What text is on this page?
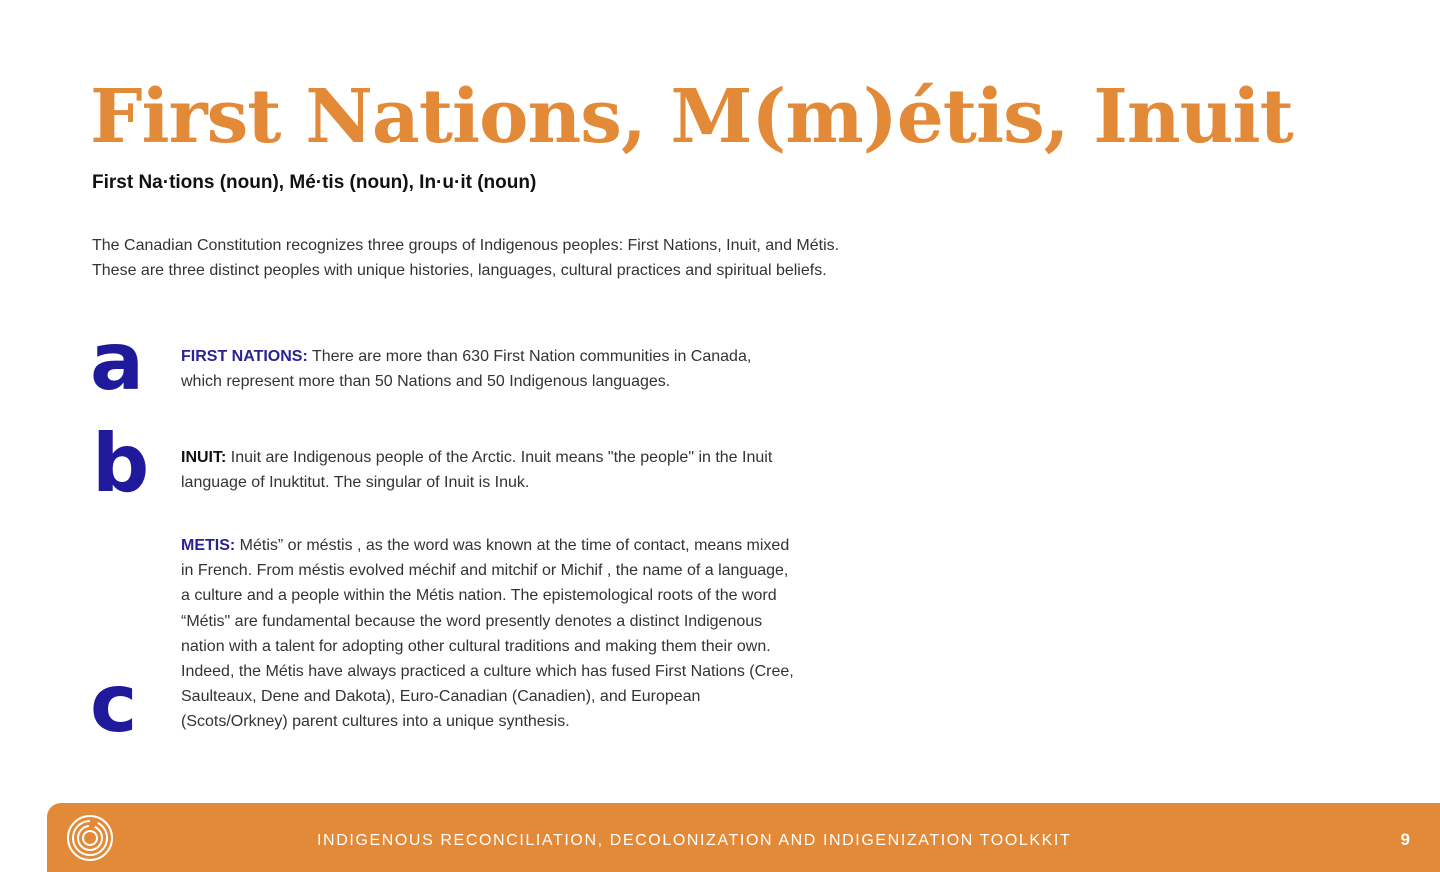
First Nations, M(m)étis, Inuit
First Na·tions (noun), Mé·tis (noun), In·u·it (noun)

The Canadian Constitution recognizes three groups of Indigenous peoples: First Nations, Inuit, and Métis.

These are three distinct peoples with unique histories, languages, cultural practices and spiritual beliefs.

a FIRST NATIONS: There are more than 630 First Nation communities in Canada,
which represent more than 50 Nations and 50 Indigenous languages.
b INUIT: Inuit are Indigenous people of the Arctic. Inuit means "the people" in the Inuit
language of Inuktitut. The singular of Inuit is Inuk.
c
METIS: Métis” or méstis , as the word was known at the time of contact, means mixed
in French. From méstis evolved méchif and mitchif or Michif , the name of a language,
a culture and a people within the Métis nation. The epistemological roots of the word
“Métis" are fundamental because the word presently denotes a distinct Indigenous
nation with a talent for adopting other cultural traditions and making them their own.
Indeed, the Métis have always practiced a culture which has fused First Nations (Cree,
Saulteaux, Dene and Dakota), Euro-Canadian (Canadien), and European
(Scots/Orkney) parent cultures into a unique synthesis.
INDIGENOUS RECONCILIATION, DECOLONIZATION AND INDIGENIZATION TOOLKKIT	9
